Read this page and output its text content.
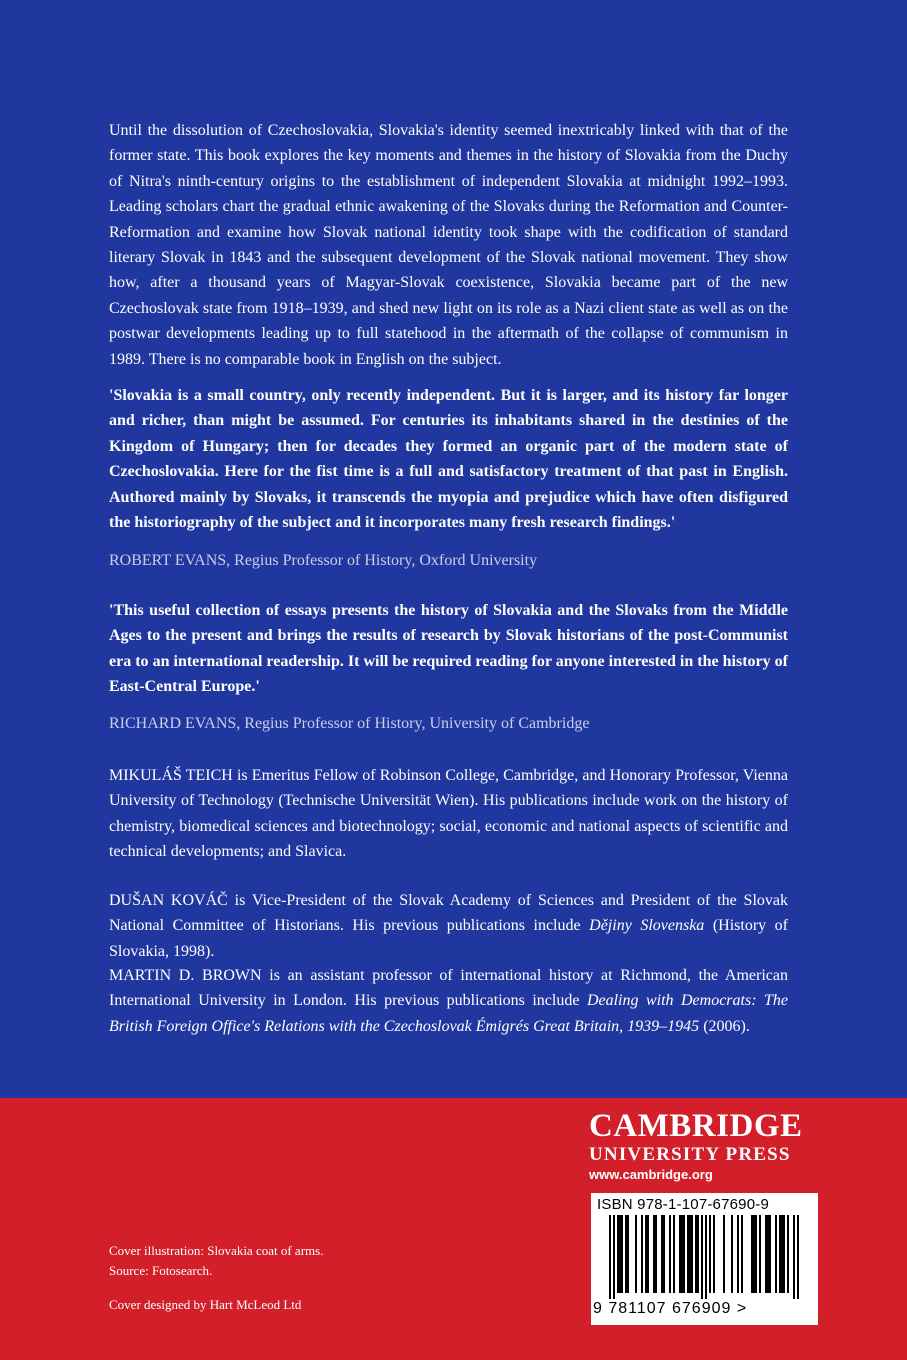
Until the dissolution of Czechoslovakia, Slovakia's identity seemed inextricably linked with that of the former state. This book explores the key moments and themes in the history of Slovakia from the Duchy of Nitra's ninth-century origins to the establishment of independent Slovakia at midnight 1992–1993. Leading scholars chart the gradual ethnic awakening of the Slovaks during the Reformation and Counter-Reformation and examine how Slovak national identity took shape with the codification of standard literary Slovak in 1843 and the subsequent development of the Slovak national movement. They show how, after a thousand years of Magyar-Slovak coexistence, Slovakia became part of the new Czechoslovak state from 1918–1939, and shed new light on its role as a Nazi client state as well as on the postwar developments leading up to full statehood in the aftermath of the collapse of communism in 1989. There is no comparable book in English on the subject.

'Slovakia is a small country, only recently independent. But it is larger, and its history far longer and richer, than might be assumed. For centuries its inhabitants shared in the destinies of the Kingdom of Hungary; then for decades they formed an organic part of the modern state of Czechoslovakia. Here for the fist time is a full and satisfactory treatment of that past in English. Authored mainly by Slovaks, it transcends the myopia and prejudice which have often disfigured the historiography of the subject and it incorporates many fresh research findings.'

ROBERT EVANS, Regius Professor of History, Oxford University

'This useful collection of essays presents the history of Slovakia and the Slovaks from the Middle Ages to the present and brings the results of research by Slovak historians of the post-Communist era to an international readership. It will be required reading for anyone interested in the history of East-Central Europe.'

RICHARD EVANS, Regius Professor of History, University of Cambridge

MIKULÁŠ TEICH is Emeritus Fellow of Robinson College, Cambridge, and Honorary Professor, Vienna University of Technology (Technische Universität Wien). His publications include work on the history of chemistry, biomedical sciences and biotechnology; social, economic and national aspects of scientific and technical developments; and Slavica.

DUŠAN KOVÁČ is Vice-President of the Slovak Academy of Sciences and President of the Slovak National Committee of Historians. His previous publications include Dějiny Slovenska (History of Slovakia, 1998).

MARTIN D. BROWN is an assistant professor of international history at Richmond, the American International University in London. His previous publications include Dealing with Democrats: The British Foreign Office's Relations with the Czechoslovak Émigrés Great Britain, 1939–1945 (2006).

Cover illustration: Slovakia coat of arms.

Source: Fotosearch.

Cover designed by Hart McLeod Ltd

CAMBRIDGE
UNIVERSITY PRESS
www.cambridge.org
ISBN 978-1-107-67690-9
9 781107 676909 >
